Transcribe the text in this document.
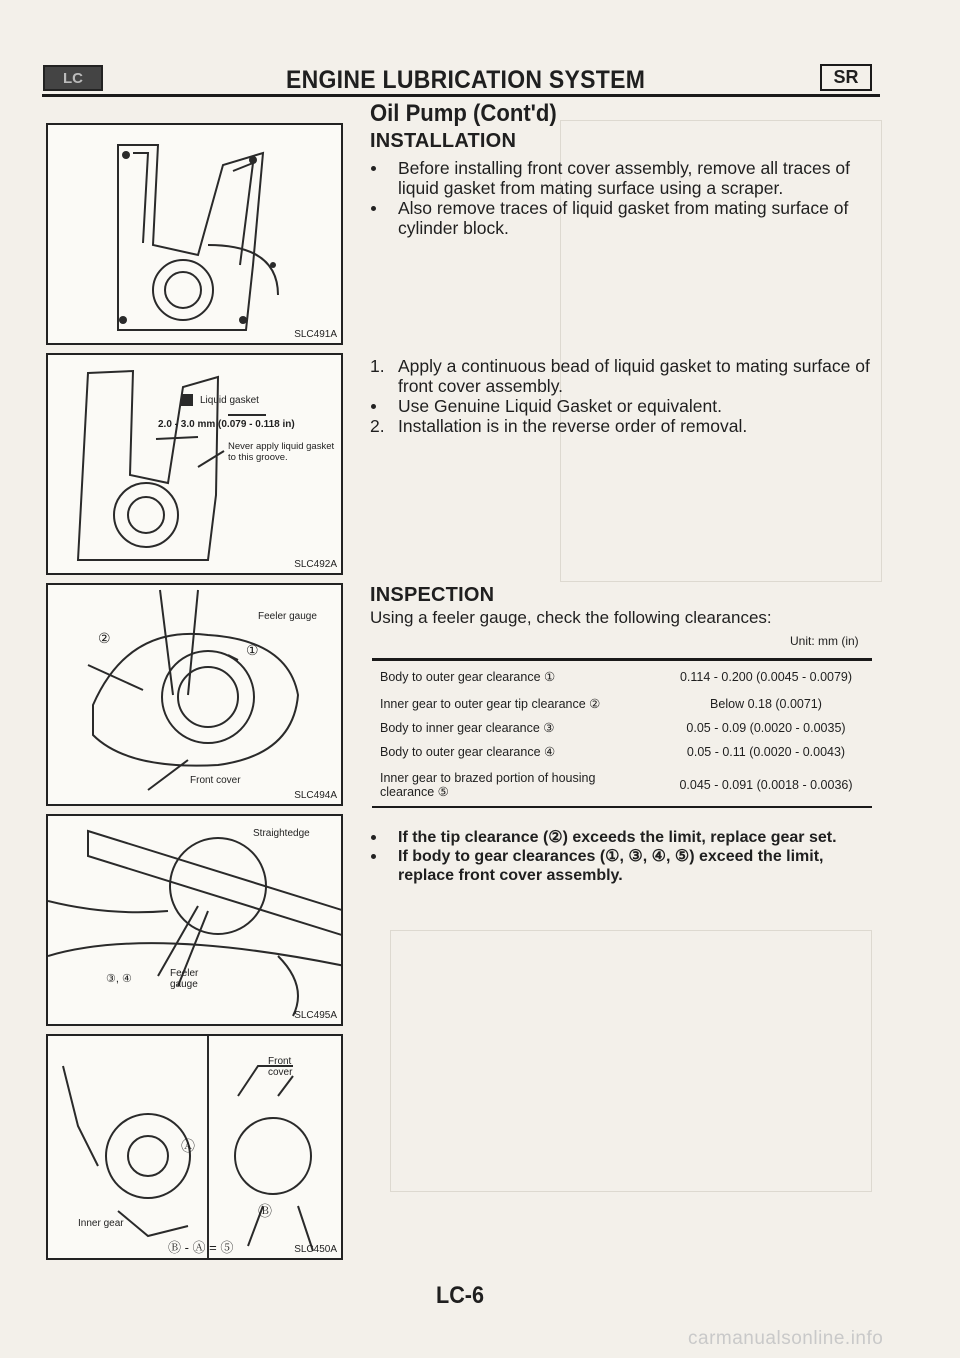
LC	ENGINE LUBRICATION SYSTEM	SR
Oil Pump (Cont'd)
INSTALLATION

Before installing front cover assembly, remove all traces of liquid gasket from mating surface using a scraper.

Also remove traces of liquid gasket from mating surface of cylinder block.

1. Apply a continuous bead of liquid gasket to mating surface of front cover assembly.

Use Genuine Liquid Gasket or equivalent.

2. Installation is in the reverse order of removal.

INSPECTION
Using a feeler gauge, check the following clearances:
Unit: mm (in)
Body to outer gear clearance ①	0.114 - 0.200 (0.0045 - 0.0079)
Inner gear to outer gear tip clearance ②	Below 0.18 (0.0071)
Body to inner gear clearance ③	0.05 - 0.09 (0.0020 - 0.0035)
Body to outer gear clearance ④	0.05 - 0.11 (0.0020 - 0.0043)
Inner gear to brazed portion of housing clearance ⑤	0.045 - 0.091 (0.0018 - 0.0036)
If the tip clearance (②) exceeds the limit, replace gear set.
If body to gear clearances (①, ③, ④, ⑤) exceed the limit, replace front cover assembly.
SLC491A
Liquid gasket
2.0 - 3.0 mm (0.079 - 0.118 in)
Never apply liquid gasket to this groove.
SLC492A
Feeler gauge
②
①
Front cover
SLC494A
Straightedge
③, ④	Feeler gauge
SLC495A
Front cover
Inner gear
Ⓐ
Ⓑ
Ⓑ - Ⓐ = ⑤	SLC450A
LC-6
carmanualsonline.info
